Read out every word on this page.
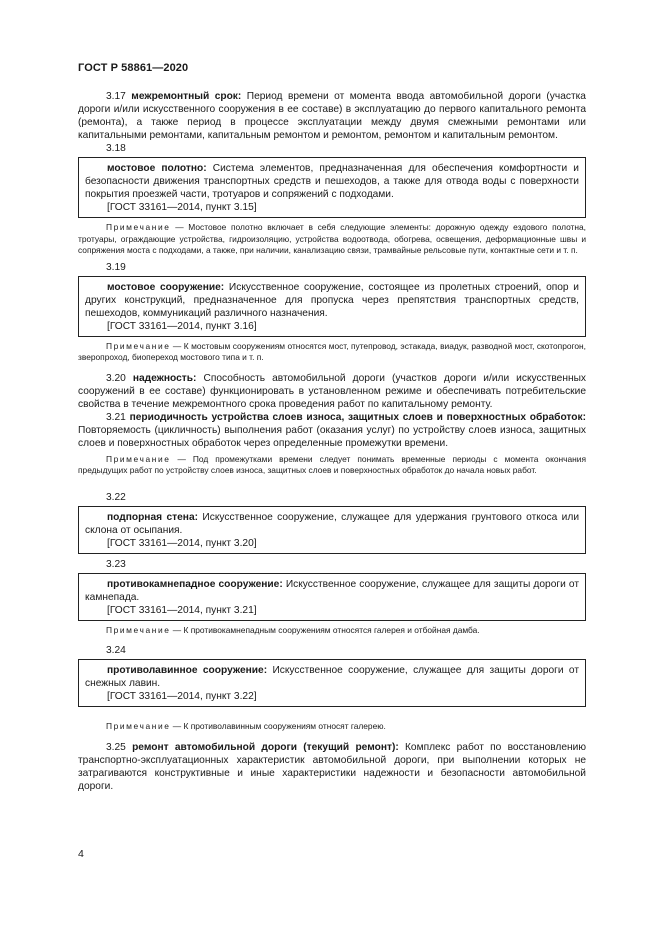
ГОСТ Р 58861—2020

3.17 межремонтный срок: Период времени от момента ввода автомобильной дороги (участка дороги и/или искусственного сооружения в ее составе) в эксплуатацию до первого капитального ремонта (ремонта), а также период в процессе эксплуатации между двумя смежными ремонтами или капитальными ремонтами, капитальным ремонтом и ремонтом, ремонтом и капитальным ремонтом.

3.18

мостовое полотно: Система элементов, предназначенная для обеспечения комфортности и безопасности движения транспортных средств и пешеходов, а также для отвода воды с поверхности покрытия проезжей части, тротуаров и сопряжений с подходами.

[ГОСТ 33161—2014, пункт 3.15]

Примечание — Мостовое полотно включает в себя следующие элементы: дорожную одежду ездового полотна, тротуары, ограждающие устройства, гидроизоляцию, устройства водоотвода, обогрева, освещения, деформационные швы и сопряжения моста с подходами, а также, при наличии, канализацию связи, трамвайные рельсовые пути, контактные сети и т. п.

3.19

мостовое сооружение: Искусственное сооружение, состоящее из пролетных строений, опор и других конструкций, предназначенное для пропуска через препятствия транспортных средств, пешеходов, коммуникаций различного назначения.

[ГОСТ 33161—2014, пункт 3.16]

Примечание — К мостовым сооружениям относятся мост, путепровод, эстакада, виадук, разводной мост, скотопрогон, зверопроход, биопереход мостового типа и т. п.

3.20 надежность: Способность автомобильной дороги (участков дороги и/или искусственных сооружений в ее составе) функционировать в установленном режиме и обеспечивать потребительские свойства в течение межремонтного срока проведения работ по капитальному ремонту.

3.21 периодичность устройства слоев износа, защитных слоев и поверхностных обработок: Повторяемость (цикличность) выполнения работ (оказания услуг) по устройству слоев износа, защитных слоев и поверхностных обработок через определенные промежутки времени.

Примечание — Под промежутками времени следует понимать временные периоды с момента окончания предыдущих работ по устройству слоев износа, защитных слоев и поверхностных обработок до начала новых работ.

3.22

подпорная стена: Искусственное сооружение, служащее для удержания грунтового откоса или склона от осыпания.

[ГОСТ 33161—2014, пункт 3.20]

3.23

противокамнепадное сооружение: Искусственное сооружение, служащее для защиты дороги от камнепада.

[ГОСТ 33161—2014, пункт 3.21]

Примечание — К противокамнепадным сооружениям относятся галерея и отбойная дамба.

3.24

противолавинное сооружение: Искусственное сооружение, служащее для защиты дороги от снежных лавин.

[ГОСТ 33161—2014, пункт 3.22]

Примечание — К противолавинным сооружениям относят галерею.

3.25 ремонт автомобильной дороги (текущий ремонт): Комплекс работ по восстановлению транспортно-эксплуатационных характеристик автомобильной дороги, при выполнении которых не затрагиваются конструктивные и иные характеристики надежности и безопасности автомобильной дороги.

4
